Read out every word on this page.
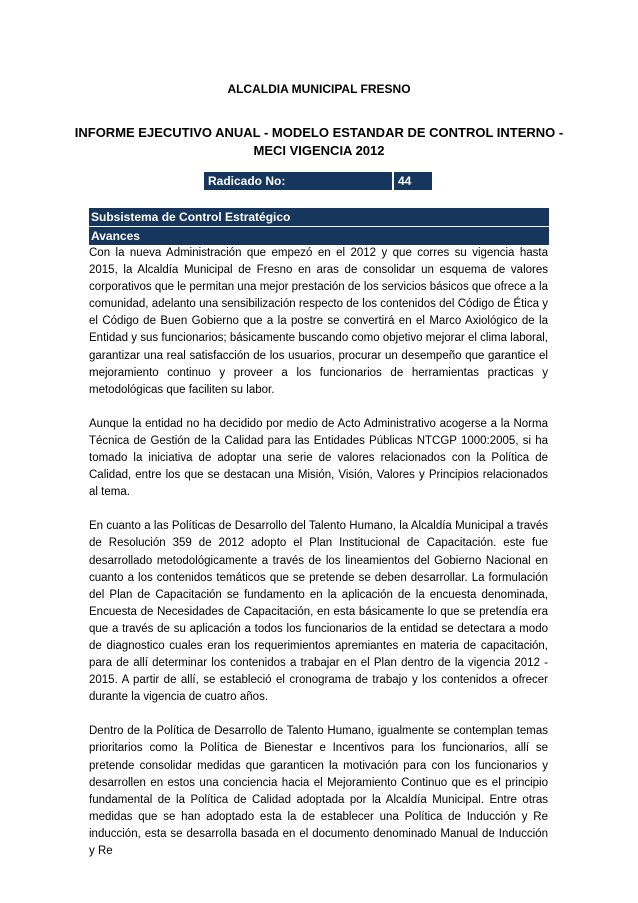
ALCALDIA MUNICIPAL FRESNO
INFORME EJECUTIVO ANUAL - MODELO ESTANDAR DE CONTROL INTERNO - MECI VIGENCIA 2012
Radicado No:	44
Subsistema de Control Estratégico
Avances

Con la nueva Administración que empezó en el 2012 y que corres su vigencia hasta 2015, la Alcaldía Municipal de Fresno en aras de consolidar un esquema de valores corporativos que le permitan una mejor prestación de los servicios básicos que ofrece a la comunidad, adelanto una sensibilización respecto de los contenidos del Código de Ética y el Código de Buen Gobierno que a la postre se convertirá en el Marco Axiológico de la Entidad y sus funcionarios; básicamente buscando como objetivo mejorar el clima laboral, garantizar una real satisfacción de los usuarios, procurar un desempeño que garantice el mejoramiento continuo y proveer a los funcionarios de herramientas practicas y metodológicas que faciliten su labor.

Aunque la entidad no ha decidido por medio de Acto Administrativo acogerse a la Norma Técnica de Gestión de la Calidad para las Entidades Públicas NTCGP 1000:2005, si ha tomado la iniciativa de adoptar una serie de valores relacionados con la Política de Calidad, entre los que se destacan una Misión, Visión, Valores y Principios relacionados al tema.

En cuanto a las Políticas de Desarrollo del Talento Humano, la Alcaldía Municipal a través de Resolución 359 de 2012 adopto el Plan Institucional de Capacitación. este fue desarrollado metodológicamente a través de los lineamientos del Gobierno Nacional en cuanto a los contenidos temáticos que se pretende se deben desarrollar. La formulación del Plan de Capacitación se fundamento en la aplicación de la encuesta denominada, Encuesta de Necesidades de Capacitación, en esta básicamente lo que se pretendía era que a través de su aplicación a todos los funcionarios de la entidad se detectara a modo de diagnostico cuales eran los requerimientos apremiantes en materia de capacitación, para de allí determinar los contenidos a trabajar en el Plan dentro de la vigencia 2012 - 2015. A partir de allí, se estableció el cronograma de trabajo y los contenidos a ofrecer durante la vigencia de cuatro años.

Dentro de la Política de Desarrollo de Talento Humano, igualmente se contemplan temas prioritarios como la Política de Bienestar e Incentivos para los funcionarios, allí se pretende consolidar medidas que garanticen la motivación para con los funcionarios y desarrollen en estos una conciencia hacia el Mejoramiento Continuo que es el principio fundamental de la Política de Calidad adoptada por la Alcaldía Municipal. Entre otras medidas que se han adoptado esta la de establecer una Política de Inducción y Re inducción, esta se desarrolla basada en el documento denominado Manual de Inducción y Re
